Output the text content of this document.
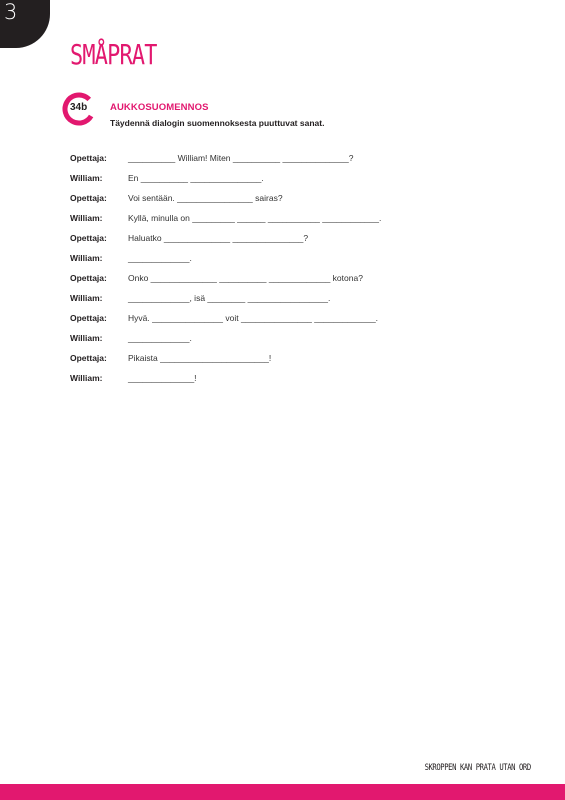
3
SMÅPRAT
34b AUKKOSUOMENNOS
Täydennä dialogin suomennoksesta puuttuvat sanat.
Opettaja:	__________ William! Miten __________ ______________?
William:	En __________ _______________.
Opettaja:	Voi sentään. ________________ sairas?
William:	Kyllä, minulla on _________ ______ ___________ ____________.
Opettaja:	Haluatko ______________ _______________?
William:	_____________.
Opettaja:	Onko ______________ __________ _____________ kotona?
William:	_____________, isä ________ _________________.
Opettaja:	Hyvä. _______________ voit _______________ _____________.
William:	_____________.
Opettaja:	Pikaista _______________________!
William:	______________!
SKROPPEN KAN PRATA UTAN ORD
